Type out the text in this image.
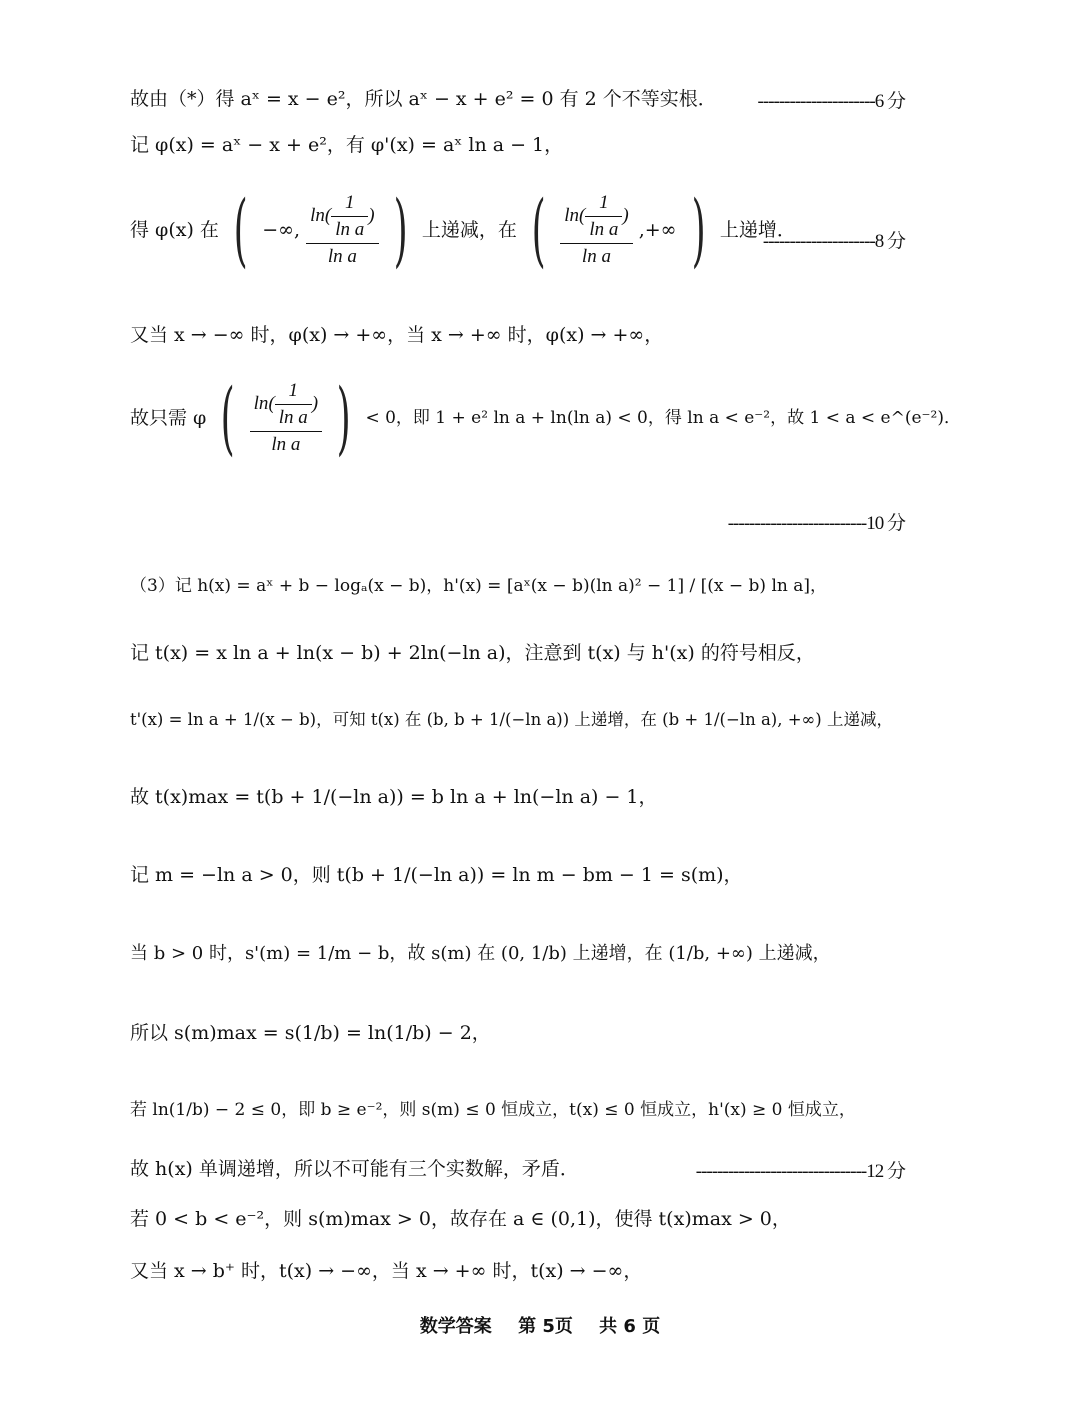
故由（*）得 aˣ = x − e²，所以 aˣ − x + e² = 0 有 2 个不等实根．	----------------------6 分
记 φ(x) = aˣ − x + e²，有 φ'(x) = aˣ ln a − 1，
得 φ(x) 在 ( −∞, $\frac{\ln( \frac{1}{\text{ln a}} )}{\text{ln a}}$ ) 上递减，在 ( $\frac{\ln( \frac{1}{\text{ln a}} )}{\text{ln a}}$ ,+∞ ) 上递增．
---------------------8 分
又当 x → −∞ 时，φ(x) → +∞，当 x → +∞ 时，φ(x) → +∞，
故只需 φ ( $\frac{\ln( \frac{1}{\text{ln a}} )}{\text{ln a}}$ ) < 0，即 1 + e² ln a + ln(ln a) < 0，得 ln a < e⁻²，故 1 < a < e^(e⁻²)．
--------------------------10 分
（3）记 h(x) = aˣ + b − logₐ(x − b)，h'(x) = [aˣ(x − b)(ln a)² − 1] / [(x − b) ln a]，
记 t(x) = x ln a + ln(x − b) + 2ln(−ln a)，注意到 t(x) 与 h'(x) 的符号相反，
t'(x) = ln a + 1/(x − b)，可知 t(x) 在 (b, b + 1/(−ln a)) 上递增，在 (b + 1/(−ln a), +∞) 上递减，
故 t(x)max = t(b + 1/(−ln a)) = b ln a + ln(−ln a) − 1，
记 m = −ln a > 0，则 t(b + 1/(−ln a)) = ln m − bm − 1 = s(m)，
当 b > 0 时，s'(m) = 1/m − b，故 s(m) 在 (0, 1/b) 上递增，在 (1/b, +∞) 上递减，
所以 s(m)max = s(1/b) = ln(1/b) − 2，
若 ln(1/b) − 2 ≤ 0，即 b ≥ e⁻²，则 s(m) ≤ 0 恒成立，t(x) ≤ 0 恒成立，h'(x) ≥ 0 恒成立，
故 h(x) 单调递增，所以不可能有三个实数解，矛盾．	--------------------------------12 分
若 0 < b < e⁻²，则 s(m)max > 0，故存在 a ∈ (0,1)，使得 t(x)max > 0，
又当 x → b⁺ 时，t(x) → −∞，当 x → +∞ 时，t(x) → −∞，
数学答案 第 5页 共 6 页
